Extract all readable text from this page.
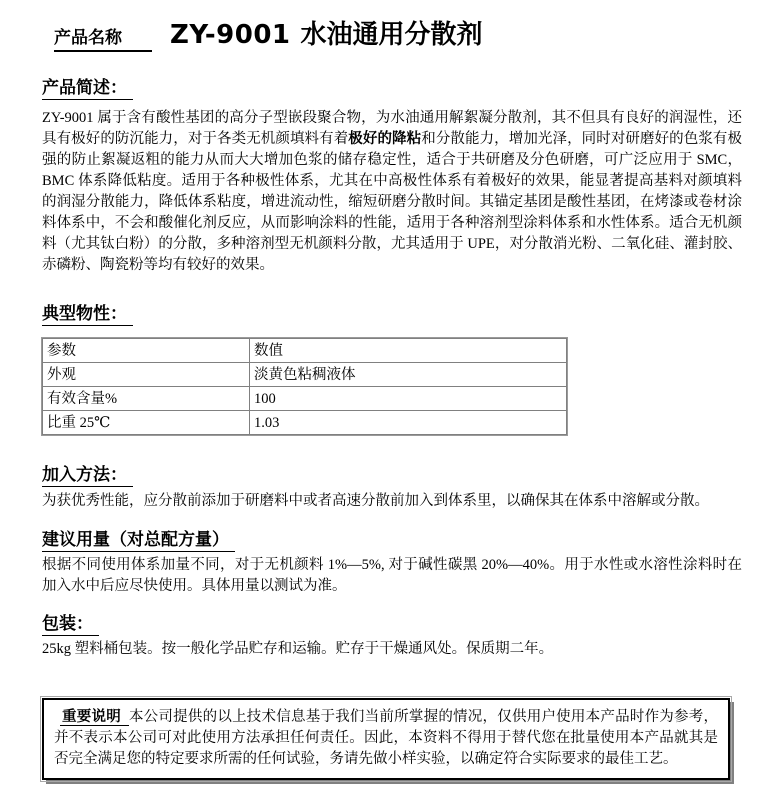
产品名称	ZY-9001 水油通用分散剂
产品简述：

ZY-9001 属于含有酸性基团的高分子型嵌段聚合物，为水油通用解絮凝分散剂，其不但具有良好的润湿性，还具有极好的防沉能力，对于各类无机颜填料有着极好的降粘和分散能力，增加光泽，同时对研磨好的色浆有极强的防止絮凝返粗的能力从而大大增加色浆的储存稳定性，适合于共研磨及分色研磨，可广泛应用于 SMC，BMC 体系降低粘度。适用于各种极性体系，尤其在中高极性体系有着极好的效果，能显著提高基料对颜填料的润湿分散能力，降低体系粘度，增进流动性，缩短研磨分散时间。其锚定基团是酸性基团，在烤漆或卷材涂料体系中，不会和酸催化剂反应，从而影响涂料的性能，适用于各种溶剂型涂料体系和水性体系。适合无机颜料（尤其钛白粉）的分散，多种溶剂型无机颜料分散，尤其适用于 UPE，对分散消光粉、二氧化硅、灌封胶、赤磷粉、陶瓷粉等均有较好的效果。

典型物性：
参数	数值
外观	淡黄色粘稠液体
有效含量%	100
比重 25℃	1.03
加入方法：

为获优秀性能，应分散前添加于研磨料中或者高速分散前加入到体系里，以确保其在体系中溶解或分散。

建议用量（对总配方量）

根据不同使用体系加量不同，对于无机颜料 1%—5%, 对于碱性碳黑 20%—40%。用于水性或水溶性涂料时在加入水中后应尽快使用。具体用量以测试为准。

包装：

25kg 塑料桶包装。按一般化学品贮存和运输。贮存于干燥通风处。保质期二年。

重要说明 本公司提供的以上技术信息基于我们当前所掌握的情况，仅供用户使用本产品时作为参考，并不表示本公司可对此使用方法承担任何责任。因此，本资料不得用于替代您在批量使用本产品就其是否完全满足您的特定要求所需的任何试验，务请先做小样实验，以确定符合实际要求的最佳工艺。
